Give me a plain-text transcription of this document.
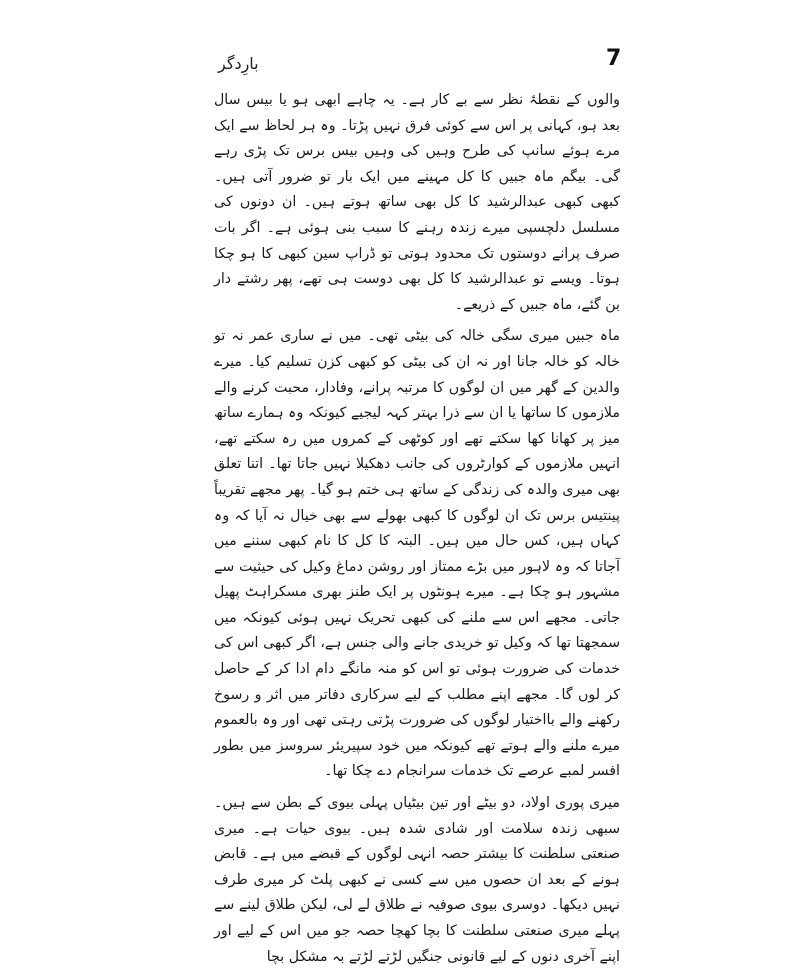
7
بارِدگر

والوں کے نقطۂ نظر سے بے کار ہے۔ یہ چاہے ابھی ہو یا بیس سال بعد ہو، کہانی پر اس سے کوئی فرق نہیں پڑتا۔ وہ ہر لحاظ سے ایک مرے ہوئے سانپ کی طرح وہیں کی وہیں بیس برس تک پڑی رہے گی۔ بیگم ماہ جبیں کا کل مہینے میں ایک بار تو ضرور آتی ہیں۔ کبھی کبھی عبدالرشید کا کل بھی ساتھ ہوتے ہیں۔ ان دونوں کی مسلسل دلچسپی میرے زندہ رہنے کا سبب بنی ہوئی ہے۔ اگر بات صرف پرانے دوستوں تک محدود ہوتی تو ڈراپ سین کبھی کا ہو چکا ہوتا۔ ویسے تو عبدالرشید کا کل بھی دوست ہی تھے، پھر رشتے دار بن گئے، ماہ جبیں کے ذریعے۔

ماہ جبیں میری سگی خالہ کی بیٹی تھی۔ میں نے ساری عمر نہ تو خالہ کو خالہ جانا اور نہ ان کی بیٹی کو کبھی کزن تسلیم کیا۔ میرے والدین کے گھر میں ان لوگوں کا مرتبہ پرانے، وفادار، محبت کرنے والے ملازموں کا ساتھا یا ان سے ذرا بہتر کہہ لیجیے کیونکہ وہ ہمارے ساتھ میز پر کھانا کھا سکتے تھے اور کوٹھی کے کمروں میں رہ سکتے تھے، انہیں ملازموں کے کوارٹروں کی جانب دھکیلا نہیں جاتا تھا۔ اتنا تعلق بھی میری والدہ کی زندگی کے ساتھ ہی ختم ہو گیا۔ پھر مجھے تقریباً پینتیس برس تک ان لوگوں کا کبھی بھولے سے بھی خیال نہ آیا کہ وہ کہاں ہیں، کس حال میں ہیں۔ البتہ کا کل کا نام کبھی سننے میں آجاتا کہ وہ لاہور میں بڑے ممتاز اور روشن دماغ وکیل کی حیثیت سے مشہور ہو چکا ہے۔ میرے ہونٹوں پر ایک طنز بھری مسکراہٹ پھیل جاتی۔ مجھے اس سے ملنے کی کبھی تحریک نہیں ہوئی کیونکہ میں سمجھتا تھا کہ وکیل تو خریدی جانے والی جنس ہے، اگر کبھی اس کی خدمات کی ضرورت ہوئی تو اس کو منہ مانگے دام ادا کر کے حاصل کر لوں گا۔ مجھے اپنے مطلب کے لیے سرکاری دفاتر میں اثر و رسوخ رکھنے والے بااختیار لوگوں کی ضرورت پڑتی رہتی تھی اور وہ بالعموم میرے ملنے والے ہوتے تھے کیونکہ میں خود سپیریئر سروسز میں بطور افسر لمبے عرصے تک خدمات سرانجام دے چکا تھا۔

میری پوری اولاد، دو بیٹے اور تین بیٹیاں پہلی بیوی کے بطن سے ہیں۔ سبھی زندہ سلامت اور شادی شدہ ہیں۔ بیوی حیات ہے۔ میری صنعتی سلطنت کا بیشتر حصہ انہی لوگوں کے قبضے میں ہے۔ قابض ہونے کے بعد ان حصوں میں سے کسی نے کبھی پلٹ کر میری طرف نہیں دیکھا۔ دوسری بیوی صوفیہ نے طلاق لے لی، لیکن طلاق لینے سے پہلے میری صنعتی سلطنت کا بچا کھچا حصہ جو میں اس کے لیے اور اپنے آخری دنوں کے لیے قانونی جنگیں لڑتے لڑتے بہ مشکل بچا
